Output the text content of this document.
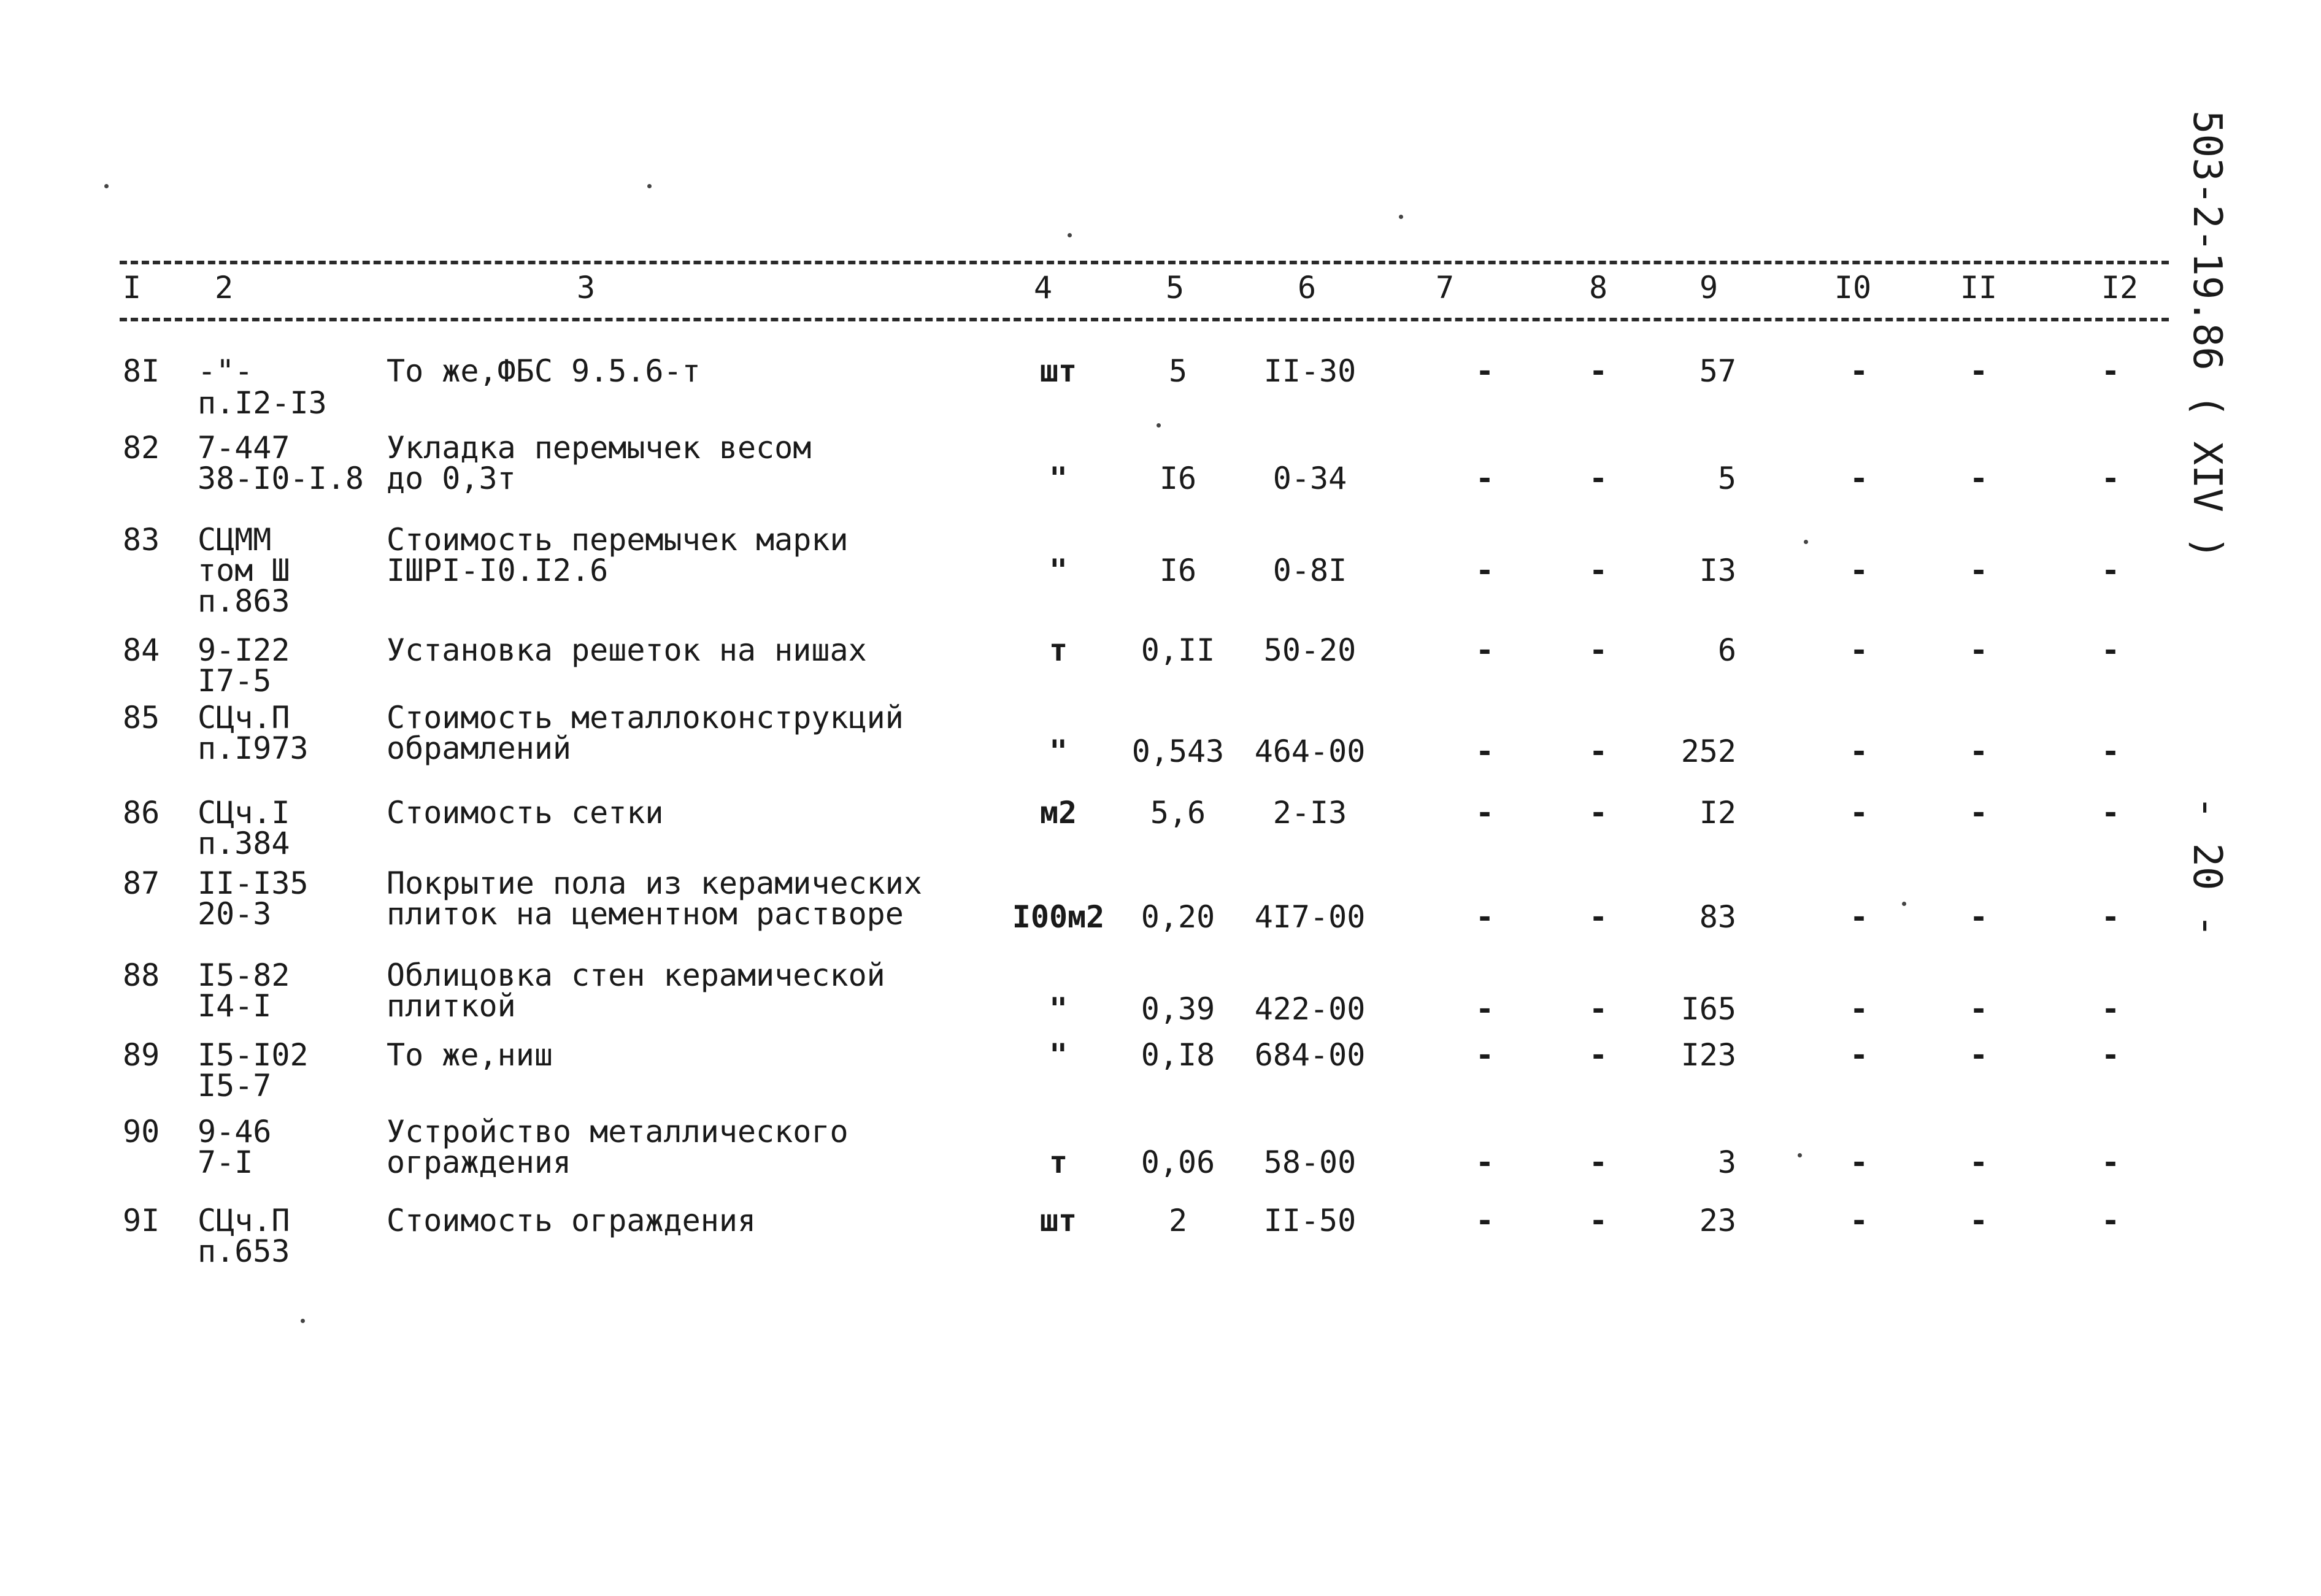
I 2	3	4	5	6	7	8	9	I0	II	I2
8I -"-
п.I2-I3
То же,ФБС 9.5.6-т	шт	5 II-30	-	-	57	-	-	-
82 7-447
38-I0-I.8
Укладка перемычек весом
до 0,3т	"	I6 0-34	-	-	5	-	-	-
83 СЦММ
том Ш
п.863
Стоимость перемычек марки
IШРI-I0.I2.6	"	I6 0-8I	-	-	I3	-	-	-
84 9-I22
I7-5
Установка решеток на нишах	т 0,II 50-20	-	-	6	-	-	-
85 СЦч.П
п.I973
Стоимость металлоконструкций
обрамлений	" 0,543 464-00	-	- 252	-	-	-
86 СЦч.I
п.384
Стоимость сетки	м2 5,6 2-I3	-	-	I2	-	-	-
87 II-I35
20-3
Покрытие пола из керамических
плиток на цементном растворе	I00м2 0,20 4I7-00	-	-	83	-	-	-
88 I5-82
I4-I
Облицовка стен керамической
плиткой	" 0,39 422-00	-	- I65	-	-	-
89 I5-I02
I5-7
То же,ниш	" 0,I8 684-00	-	- I23	-	-	-
90 9-46
7-I
Устройство металлического
ограждения	т 0,06 58-00	-	-	3	-	-	-
9I СЦч.П
п.653
Стоимость ограждения	шт	2 II-50	-	-	23	-	-	-
503-2-19.86 ( XIV )          - 20 -
